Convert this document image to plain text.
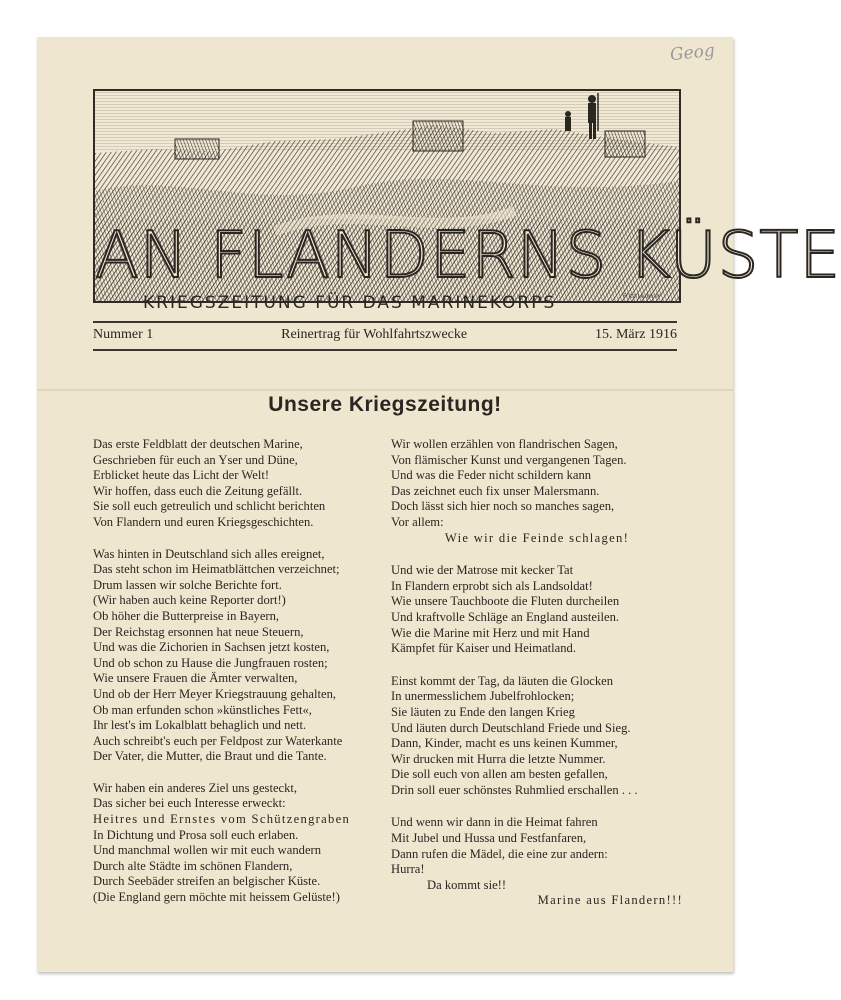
Geog
AN FLANDERNS KÜSTE
KRIEGSZEITUNG FÜR DAS MARINEKORPS	Fritz Lederer
Nummer 1	Reinertrag für Wohlfahrtszwecke	15. März 1916
Unsere Kriegszeitung!
Das erste Feldblatt der deutschen Marine,
Geschrieben für euch an Yser und Düne,
Erblicket heute das Licht der Welt!
Wir hoffen, dass euch die Zeitung gefällt.
Sie soll euch getreulich und schlicht berichten
Von Flandern und euren Kriegsgeschichten.
Was hinten in Deutschland sich alles ereignet,
Das steht schon im Heimatblättchen verzeichnet;
Drum lassen wir solche Berichte fort.
(Wir haben auch keine Reporter dort!)
Ob höher die Butterpreise in Bayern,
Der Reichstag ersonnen hat neue Steuern,
Und was die Zichorien in Sachsen jetzt kosten,
Und ob schon zu Hause die Jungfrauen rosten;
Wie unsere Frauen die Ämter verwalten,
Und ob der Herr Meyer Kriegstrauung gehalten,
Ob man erfunden schon »künstliches Fett«,
Ihr lest's im Lokalblatt behaglich und nett.
Auch schreibt's euch per Feldpost zur Waterkante
Der Vater, die Mutter, die Braut und die Tante.
Wir haben ein anderes Ziel uns gesteckt,
Das sicher bei euch Interesse erweckt:
Heitres und Ernstes vom Schützengraben
In Dichtung und Prosa soll euch erlaben.
Und manchmal wollen wir mit euch wandern
Durch alte Städte im schönen Flandern,
Durch Seebäder streifen an belgischer Küste.
(Die England gern möchte mit heissem Gelüste!)
Wir wollen erzählen von flandrischen Sagen,
Von flämischer Kunst und vergangenen Tagen.
Und was die Feder nicht schildern kann
Das zeichnet euch fix unser Malersmann.
Doch lässt sich hier noch so manches sagen,
Vor allem:
Wie wir die Feinde schlagen!
Und wie der Matrose mit kecker Tat
In Flandern erprobt sich als Landsoldat!
Wie unsere Tauchboote die Fluten durcheilen
Und kraftvolle Schläge an England austeilen.
Wie die Marine mit Herz und mit Hand
Kämpfet für Kaiser und Heimatland.
Einst kommt der Tag, da läuten die Glocken
In unermesslichem Jubelfrohlocken;
Sie läuten zu Ende den langen Krieg
Und läuten durch Deutschland Friede und Sieg.
Dann, Kinder, macht es uns keinen Kummer,
Wir drucken mit Hurra die letzte Nummer.
Die soll euch von allen am besten gefallen,
Drin soll euer schönstes Ruhmlied erschallen . . .
Und wenn wir dann in die Heimat fahren
Mit Jubel und Hussa und Festfanfaren,
Dann rufen die Mädel, die eine zur andern:
Hurra!
Da kommt sie!!
Marine aus Flandern!!!
